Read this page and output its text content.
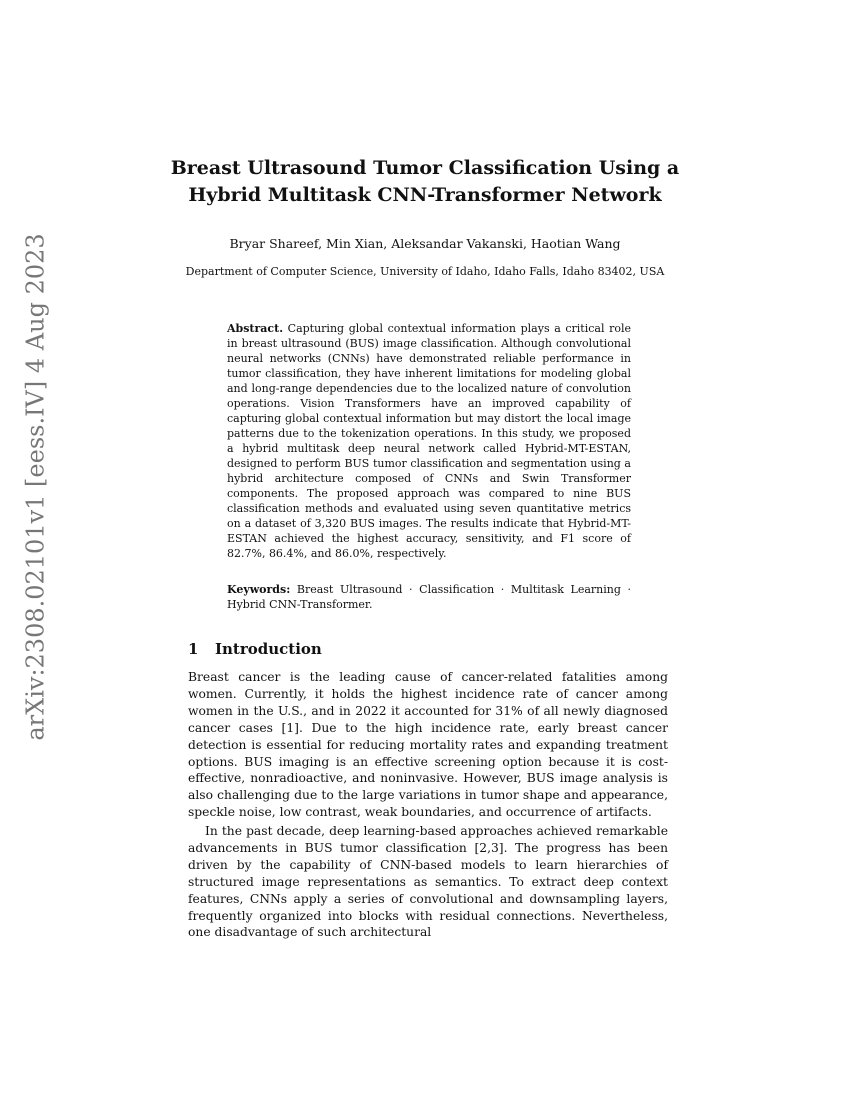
arXiv:2308.02101v1 [eess.IV] 4 Aug 2023
Breast Ultrasound Tumor Classification Using a
Hybrid Multitask CNN-Transformer Network
Bryar Shareef, Min Xian, Aleksandar Vakanski, Haotian Wang
Department of Computer Science, University of Idaho, Idaho Falls, Idaho 83402, USA

Abstract. Capturing global contextual information plays a critical role in breast ultrasound (BUS) image classification. Although convolutional neural networks (CNNs) have demonstrated reliable performance in tumor classification, they have inherent limitations for modeling global and long-range dependencies due to the localized nature of convolution operations. Vision Transformers have an improved capability of capturing global contextual information but may distort the local image patterns due to the tokenization operations. In this study, we proposed a hybrid multitask deep neural network called Hybrid-MT-ESTAN, designed to perform BUS tumor classification and segmentation using a hybrid architecture composed of CNNs and Swin Transformer components. The proposed approach was compared to nine BUS classification methods and evaluated using seven quantitative metrics on a dataset of 3,320 BUS images. The results indicate that Hybrid-MT-ESTAN achieved the highest accuracy, sensitivity, and F1 score of 82.7%, 86.4%, and 86.0%, respectively.

Keywords: Breast Ultrasound · Classification · Multitask Learning · Hybrid CNN-Transformer.

1 Introduction

Breast cancer is the leading cause of cancer-related fatalities among women. Currently, it holds the highest incidence rate of cancer among women in the U.S., and in 2022 it accounted for 31% of all newly diagnosed cancer cases [1]. Due to the high incidence rate, early breast cancer detection is essential for reducing mortality rates and expanding treatment options. BUS imaging is an effective screening option because it is cost-effective, nonradioactive, and noninvasive. However, BUS image analysis is also challenging due to the large variations in tumor shape and appearance, speckle noise, low contrast, weak boundaries, and occurrence of artifacts.

In the past decade, deep learning-based approaches achieved remarkable advancements in BUS tumor classification [2,3]. The progress has been driven by the capability of CNN-based models to learn hierarchies of structured image representations as semantics. To extract deep context features, CNNs apply a series of convolutional and downsampling layers, frequently organized into blocks with residual connections. Nevertheless, one disadvantage of such architectural
